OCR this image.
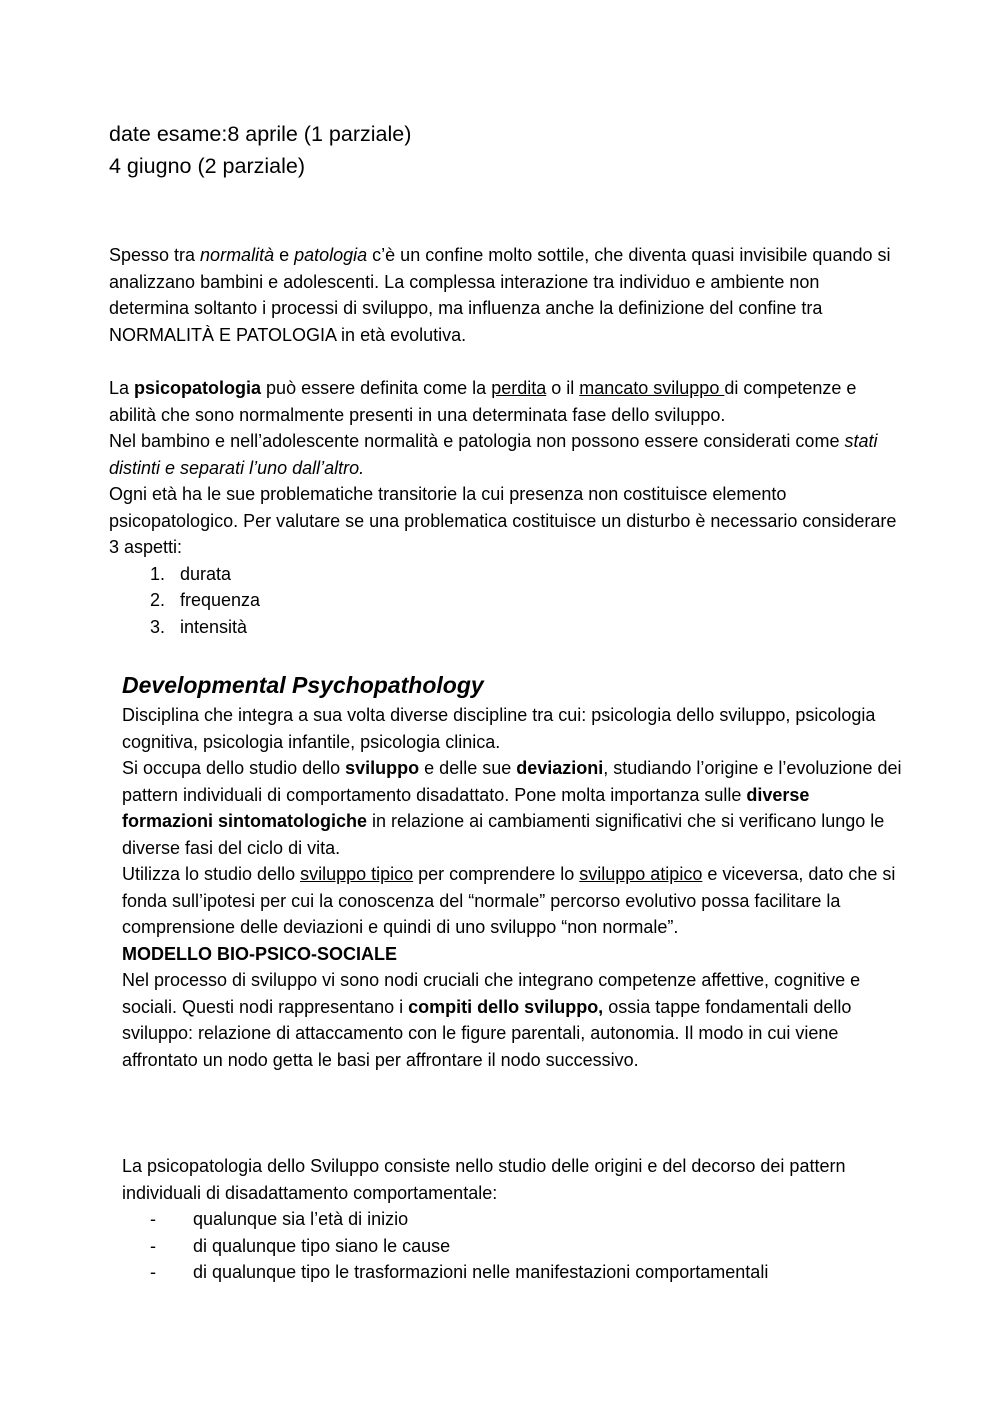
date esame:8 aprile (1 parziale)
4 giugno (2 parziale)

Spesso tra normalità e patologia c’è un confine molto sottile, che diventa quasi invisibile quando si analizzano bambini e adolescenti. La complessa interazione tra individuo e ambiente non determina soltanto i processi di sviluppo, ma influenza anche la definizione del confine tra NORMALITÀ E PATOLOGIA in età evolutiva.

La psicopatologia può essere definita come la perdita o il mancato sviluppo di competenze e abilità che sono normalmente presenti in una determinata fase dello sviluppo.

Nel bambino e nell’adolescente normalità e patologia non possono essere considerati come stati distinti e separati l’uno dall’altro.

Ogni età ha le sue problematiche transitorie la cui presenza non costituisce elemento psicopatologico. Per valutare se una problematica costituisce un disturbo è necessario considerare 3 aspetti:

1. durata
2. frequenza
3. intensità
Developmental Psychopathology

Disciplina che integra a sua volta diverse discipline tra cui: psicologia dello sviluppo, psicologia cognitiva, psicologia infantile, psicologia clinica.

Si occupa dello studio dello sviluppo e delle sue deviazioni, studiando l’origine e l’evoluzione dei pattern individuali di comportamento disadattato. Pone molta importanza sulle diverse formazioni sintomatologiche in relazione ai cambiamenti significativi che si verificano lungo le diverse fasi del ciclo di vita.

Utilizza lo studio dello sviluppo tipico per comprendere lo sviluppo atipico e viceversa, dato che si fonda sull’ipotesi per cui la conoscenza del “normale” percorso evolutivo possa facilitare la comprensione delle deviazioni e quindi di uno sviluppo “non normale”.

MODELLO BIO-PSICO-SOCIALE

Nel processo di sviluppo vi sono nodi cruciali che integrano competenze affettive, cognitive e sociali. Questi nodi rappresentano i compiti dello sviluppo, ossia tappe fondamentali dello sviluppo: relazione di attaccamento con le figure parentali, autonomia. Il modo in cui viene affrontato un nodo getta le basi per affrontare il nodo successivo.

La psicopatologia dello Sviluppo consiste nello studio delle origini e del decorso dei pattern individuali di disadattamento comportamentale:

- qualunque sia l’età di inizio
- di qualunque tipo siano le cause
- di qualunque tipo le trasformazioni nelle manifestazioni comportamentali
